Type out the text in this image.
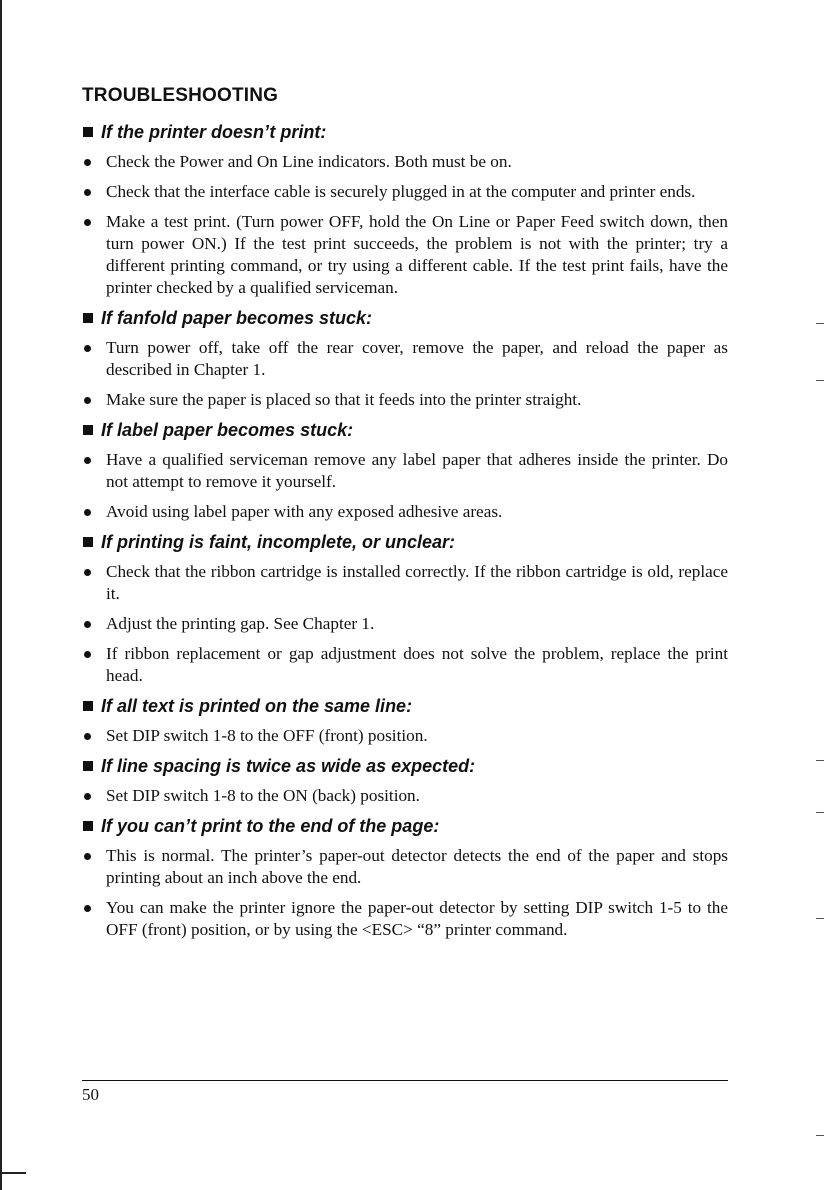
TROUBLESHOOTING
If the printer doesn’t print:
Check the Power and On Line indicators. Both must be on.
Check that the interface cable is securely plugged in at the computer and printer ends.
Make a test print. (Turn power OFF, hold the On Line or Paper Feed switch down, then turn power ON.) If the test print succeeds, the problem is not with the printer; try a different printing command, or try using a different cable. If the test print fails, have the printer checked by a qualified serviceman.
If fanfold paper becomes stuck:
Turn power off, take off the rear cover, remove the paper, and reload the paper as described in Chapter 1.
Make sure the paper is placed so that it feeds into the printer straight.
If label paper becomes stuck:
Have a qualified serviceman remove any label paper that adheres inside the printer. Do not attempt to remove it yourself.
Avoid using label paper with any exposed adhesive areas.
If printing is faint, incomplete, or unclear:
Check that the ribbon cartridge is installed correctly. If the ribbon cartridge is old, replace it.
Adjust the printing gap. See Chapter 1.
If ribbon replacement or gap adjustment does not solve the problem, replace the print head.
If all text is printed on the same line:
Set DIP switch 1-8 to the OFF (front) position.
If line spacing is twice as wide as expected:
Set DIP switch 1-8 to the ON (back) position.
If you can’t print to the end of the page:
This is normal. The printer’s paper-out detector detects the end of the paper and stops printing about an inch above the end.
You can make the printer ignore the paper-out detector by setting DIP switch 1-5 to the OFF (front) position, or by using the <ESC> “8” printer command.
50
